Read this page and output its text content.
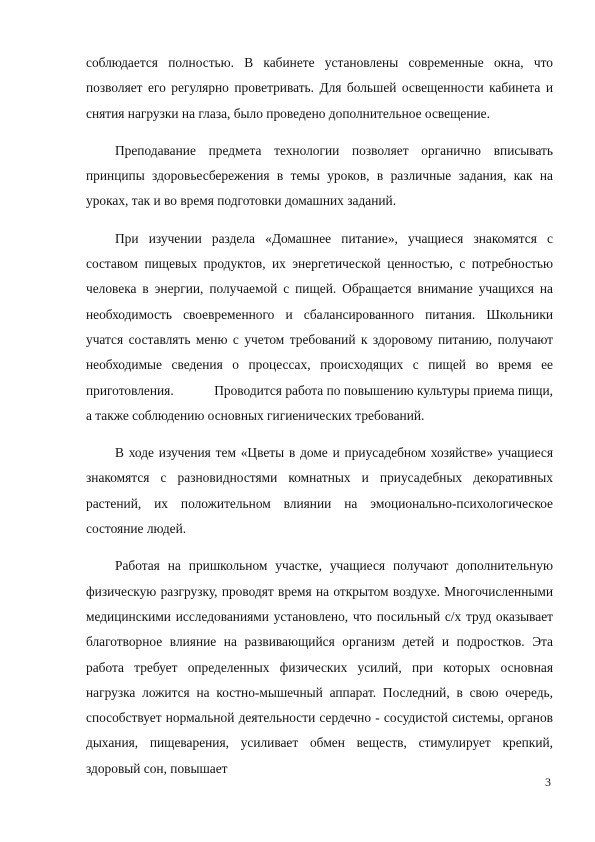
соблюдается полностью. В кабинете установлены современные окна, что позволяет его регулярно проветривать. Для большей освещенности кабинета и снятия нагрузки на глаза, было проведено дополнительное освещение.

Преподавание предмета технологии позволяет органично вписывать принципы здоровьесбережения в темы уроков, в различные задания, как на уроках, так и во время подготовки домашних заданий.

При изучении раздела «Домашнее питание», учащиеся знакомятся с составом пищевых продуктов, их энергетической ценностью, с потребностью человека в энергии, получаемой с пищей. Обращается внимание учащихся на необходимость своевременного и сбалансированного питания. Школьники учатся составлять меню с учетом требований к здоровому питанию, получают необходимые сведения о процессах, происходящих с пищей во время ее приготовления.            Проводится работа по повышению культуры приема пищи, а также соблюдению основных гигиенических требований.

В ходе изучения тем «Цветы в доме и приусадебном хозяйстве» учащиеся знакомятся с разновидностями комнатных и приусадебных декоративных растений, их положительном влиянии на эмоционально-психологическое состояние людей.

Работая на пришкольном участке, учащиеся получают дополнительную физическую разгрузку, проводят время на открытом воздухе. Многочисленными медицинскими исследованиями установлено, что посильный с/х труд оказывает благотворное влияние на развивающийся организм детей и подростков. Эта работа требует определенных физических усилий, при которых основная нагрузка ложится на костно-мышечный аппарат. Последний, в свою очередь, способствует нормальной деятельности сердечно - сосудистой системы, органов дыхания, пищеварения, усиливает обмен веществ, стимулирует крепкий, здоровый сон, повышает

3
